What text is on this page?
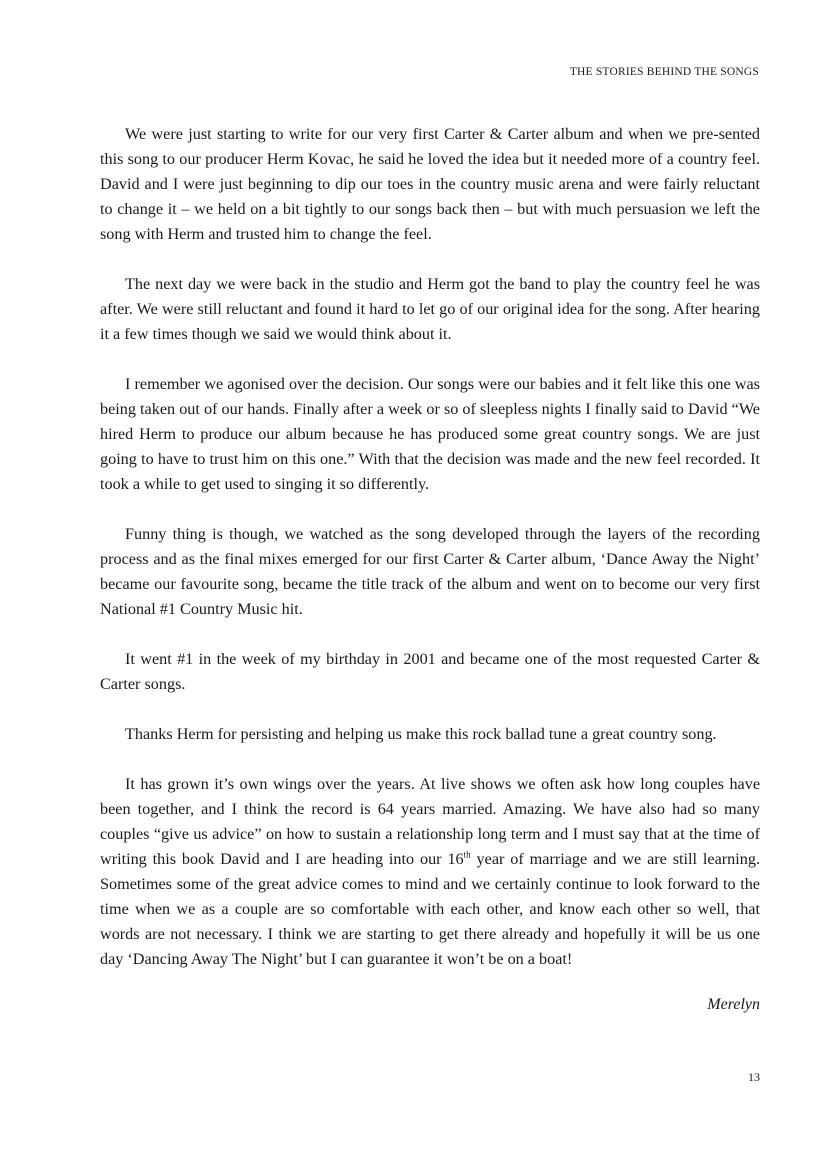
THE STORIES BEHIND THE SONGS

We were just starting to write for our very first Carter & Carter album and when we pre-sented this song to our producer Herm Kovac, he said he loved the idea but it needed more of a country feel. David and I were just beginning to dip our toes in the country music arena and were fairly reluctant to change it – we held on a bit tightly to our songs back then – but with much persuasion we left the song with Herm and trusted him to change the feel.

The next day we were back in the studio and Herm got the band to play the country feel he was after. We were still reluctant and found it hard to let go of our original idea for the song. After hearing it a few times though we said we would think about it.

I remember we agonised over the decision. Our songs were our babies and it felt like this one was being taken out of our hands. Finally after a week or so of sleepless nights I finally said to David “We hired Herm to produce our album because he has produced some great country songs. We are just going to have to trust him on this one.” With that the decision was made and the new feel recorded. It took a while to get used to singing it so differently.

Funny thing is though, we watched as the song developed through the layers of the recording process and as the final mixes emerged for our first Carter & Carter album, ‘Dance Away the Night’ became our favourite song, became the title track of the album and went on to become our very first National #1 Country Music hit.

It went #1 in the week of my birthday in 2001 and became one of the most requested Carter & Carter songs.

Thanks Herm for persisting and helping us make this rock ballad tune a great country song.

It has grown it’s own wings over the years. At live shows we often ask how long couples have been together, and I think the record is 64 years married. Amazing. We have also had so many couples “give us advice” on how to sustain a relationship long term and I must say that at the time of writing this book David and I are heading into our 16th year of marriage and we are still learning. Sometimes some of the great advice comes to mind and we certainly continue to look forward to the time when we as a couple are so comfortable with each other, and know each other so well, that words are not necessary. I think we are starting to get there already and hopefully it will be us one day ‘Dancing Away The Night’ but I can guarantee it won’t be on a boat!

Merelyn
13
